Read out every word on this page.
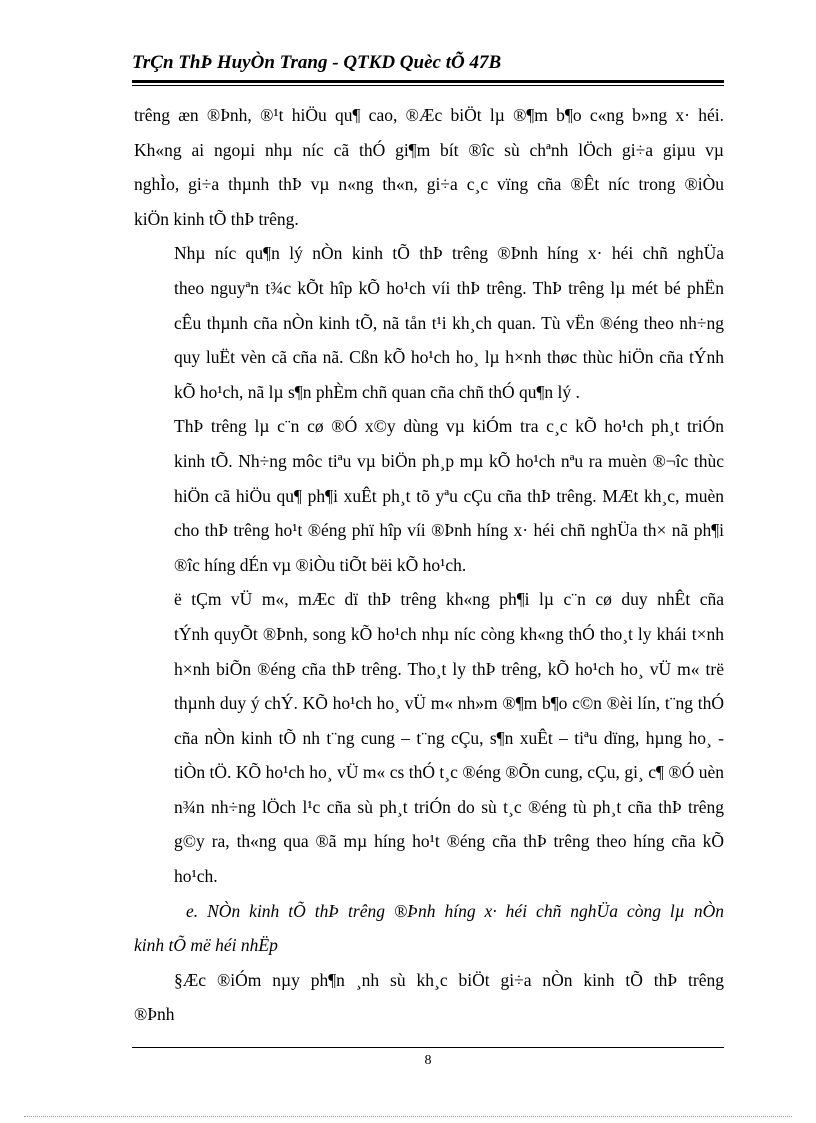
TrÇn ThÞ HuyÒn Trang - QTKD Quèc tÕ 47B

trêng æn ®Þnh, ®¹t hiÖu qu¶ cao, ®Æc biÖt lµ ®¶m b¶o c«ng b»ng x· héi.
Kh«ng ai ngoµi nhµ níc cã thÓ gi¶m bít ®îc sù chªnh lÖch gi÷a giµu vµ
nghÌo, gi÷a thµnh thÞ vµ n«ng th«n, gi÷a c¸c vïng cña ®Êt níc trong ®iÒu
kiÖn kinh tÕ thÞ trêng.

Nhµ níc qu¶n lý nÒn kinh tÕ thÞ trêng ®Þnh híng x· héi chñ nghÜa
theo nguyªn t¾c kÕt hîp kÕ ho¹ch víi thÞ trêng. ThÞ trêng lµ mét bé phËn
cÊu thµnh cña nÒn kinh tÕ, nã tån t¹i kh¸ch quan. Tù vËn ®éng theo nh÷ng
quy luËt vèn cã cña nã. Cßn kÕ ho¹ch ho¸ lµ h×nh thøc thùc hiÖn cña tÝnh
kÕ ho¹ch, nã lµ s¶n phÈm chñ quan cña chñ thÓ qu¶n lý .

ThÞ trêng lµ c¨n cø ®Ó x©y dùng vµ kiÓm tra c¸c kÕ ho¹ch ph¸t triÓn
kinh tÕ. Nh÷ng môc tiªu vµ biÖn ph¸p mµ kÕ ho¹ch nªu ra muèn ®¬îc thùc
hiÖn cã hiÖu qu¶ ph¶i xuÊt ph¸t tõ yªu cÇu cña thÞ trêng. MÆt kh¸c, muèn
cho thÞ trêng ho¹t ®éng phï hîp víi ®Þnh híng x· héi chñ nghÜa th× nã ph¶i
®îc híng dÉn vµ ®iÒu tiÕt bëi kÕ ho¹ch.

ë tÇm vÜ m«, mÆc dï thÞ trêng kh«ng ph¶i lµ c¨n cø duy nhÊt cña
tÝnh quyÕt ®Þnh, song kÕ ho¹ch nhµ níc còng kh«ng thÓ tho¸t ly khái t×nh
h×nh biÕn ®éng cña thÞ trêng. Tho¸t ly thÞ trêng, kÕ ho¹ch ho¸ vÜ m« trë
thµnh duy ý chÝ. KÕ ho¹ch ho¸ vÜ m« nh»m ®¶m b¶o c©n ®èi lín, t¨ng thÓ
cña nÒn kinh tÕ nh t¨ng cung – t¨ng cÇu, s¶n xuÊt – tiªu dïng, hµng ho¸ -
tiÒn tÖ. KÕ ho¹ch ho¸ vÜ m« cs thÓ t¸c ®éng ®Õn cung, cÇu, gi¸ c¶ ®Ó uèn
n¾n nh÷ng lÖch l¹c cña sù ph¸t triÓn do sù t¸c ®éng tù ph¸t cña thÞ trêng
g©y ra, th«ng qua ®ã mµ híng ho¹t ®éng cña thÞ trêng theo híng cña kÕ
ho¹ch.

e. NÒn kinh tÕ thÞ trêng ®Þnh híng x· héi chñ nghÜa còng lµ nÒn
kinh tÕ më héi nhËp

§Æc ®iÓm nµy ph¶n ¸nh sù kh¸c biÖt gi÷a nÒn kinh tÕ thÞ trêng
®Þnh

8
